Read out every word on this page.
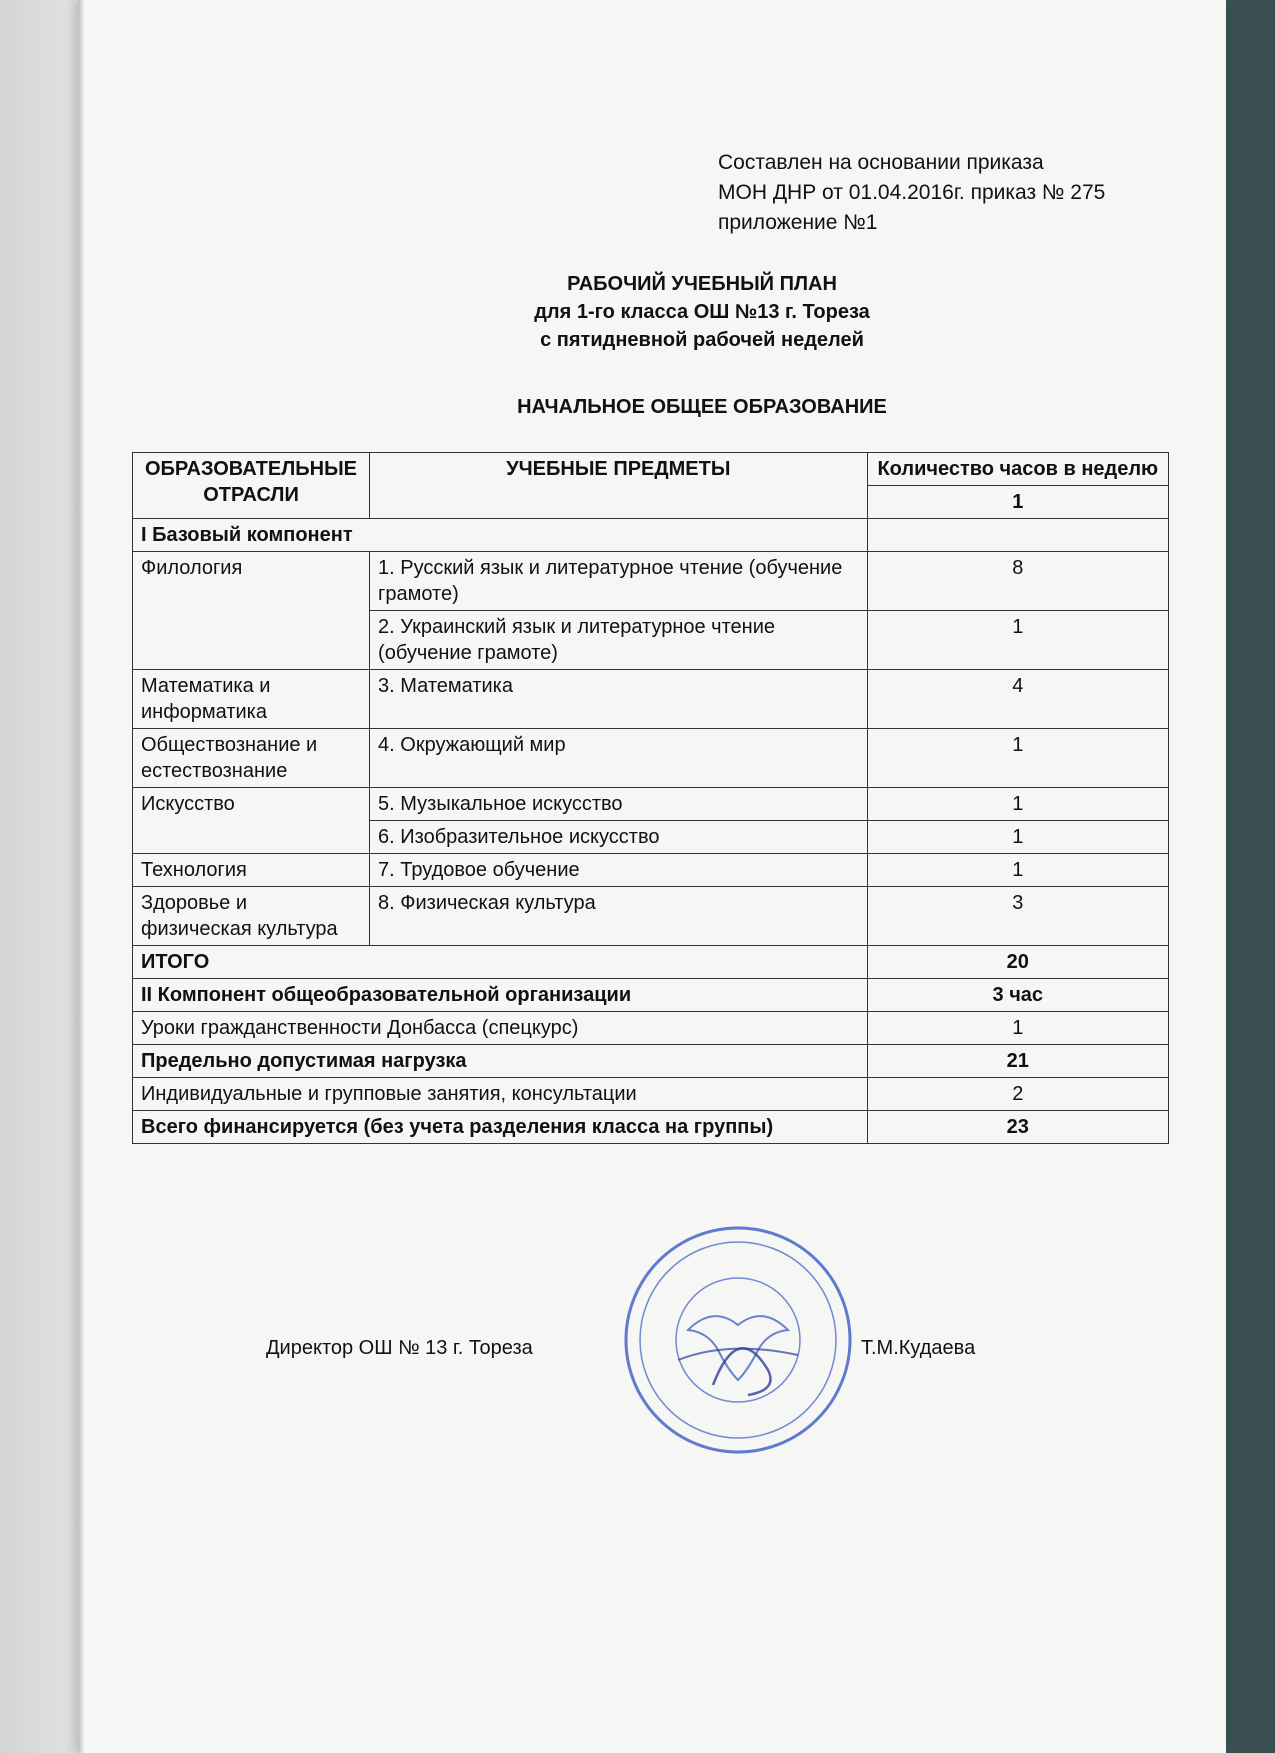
Составлен на основании приказа
МОН ДНР от 01.04.2016г. приказ № 275
приложение №1
РАБОЧИЙ УЧЕБНЫЙ ПЛАН
для 1-го класса ОШ №13 г. Тореза
с пятидневной рабочей неделей
НАЧАЛЬНОЕ ОБЩЕЕ ОБРАЗОВАНИЕ
ОБРАЗОВАТЕЛЬНЫЕ ОТРАСЛИ	УЧЕБНЫЕ ПРЕДМЕТЫ	Количество часов в неделю
		1
I Базовый компонент		
Филология	1. Русский язык и литературное чтение (обучение грамоте)	8
	2. Украинский язык и литературное чтение (обучение грамоте)	1
Математика и информатика	3. Математика	4
Обществознание и естествознание	4. Окружающий мир	1
Искусство	5. Музыкальное искусство	1
	6. Изобразительное искусство	1
Технология	7. Трудовое обучение	1
Здоровье и физическая культура	8. Физическая культура	3
ИТОГО		20
II Компонент общеобразовательной организации		3 час
Уроки гражданственности Донбасса (спецкурс)		1
Предельно допустимая нагрузка		21
Индивидуальные и групповые занятия, консультации		2
Всего финансируется (без учета разделения класса на группы)		23
Директор ОШ № 13 г. Тореза	Т.М.Кудаева
